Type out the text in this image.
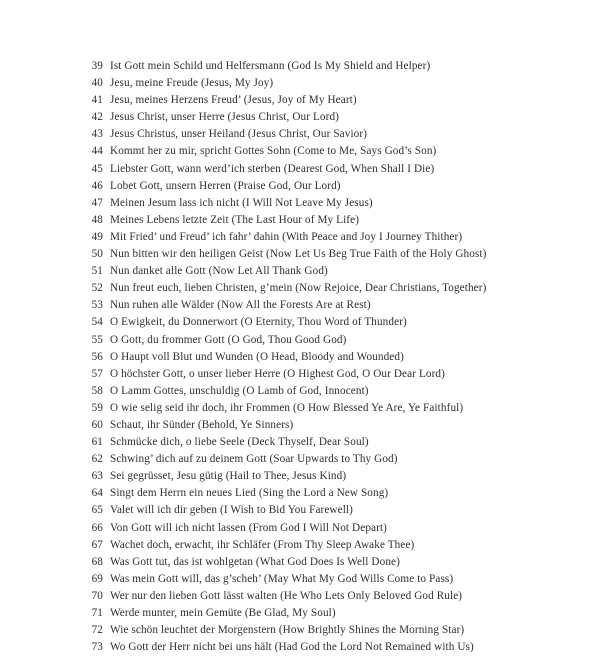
39 Ist Gott mein Schild und Helfersmann (God Is My Shield and Helper)
40 Jesu, meine Freude (Jesus, My Joy)
41 Jesu, meines Herzens Freud’ (Jesus, Joy of My Heart)
42 Jesus Christ, unser Herre (Jesus Christ, Our Lord)
43 Jesus Christus, unser Heiland (Jesus Christ, Our Savior)
44 Kommt her zu mir, spricht Gottes Sohn (Come to Me, Says God’s Son)
45 Liebster Gott, wann werd’ich sterben (Dearest God, When Shall I Die)
46 Lobet Gott, unsern Herren (Praise God, Our Lord)
47 Meinen Jesum lass ich nicht (I Will Not Leave My Jesus)
48 Meines Lebens letzte Zeit (The Last Hour of My Life)
49 Mit Fried’ und Freud’ ich fahr’ dahin (With Peace and Joy I Journey Thither)
50 Nun bitten wir den heiligen Geist (Now Let Us Beg True Faith of the Holy Ghost)
51 Nun danket alle Gott (Now Let All Thank God)
52 Nun freut euch, lieben Christen, g’mein (Now Rejoice, Dear Christians, Together)
53 Nun ruhen alle Wälder (Now All the Forests Are at Rest)
54 O Ewigkeit, du Donnerwort (O Eternity, Thou Word of Thunder)
55 O Gott, du frommer Gott (O God, Thou Good God)
56 O Haupt voll Blut und Wunden (O Head, Bloody and Wounded)
57 O höchster Gott, o unser lieber Herre (O Highest God, O Our Dear Lord)
58 O Lamm Gottes, unschuldig (O Lamb of God, Innocent)
59 O wie selig seid ihr doch, ihr Frommen (O How Blessed Ye Are, Ye Faithful)
60 Schaut, ihr Sünder (Behold, Ye Sinners)
61 Schmücke dich, o liebe Seele (Deck Thyself, Dear Soul)
62 Schwing’ dich auf zu deinem Gott (Soar Upwards to Thy God)
63 Sei gegrüsset, Jesu gütig (Hail to Thee, Jesus Kind)
64 Singt dem Herrn ein neues Lied (Sing the Lord a New Song)
65 Valet will ich dir geben (I Wish to Bid You Farewell)
66 Von Gott will ich nicht lassen (From God I Will Not Depart)
67 Wachet doch, erwacht, ihr Schläfer (From Thy Sleep Awake Thee)
68 Was Gott tut, das ist wohlgetan (What God Does Is Well Done)
69 Was mein Gott will, das g’scheh’ (May What My God Wills Come to Pass)
70 Wer nur den lieben Gott lässt walten (He Who Lets Only Beloved God Rule)
71 Werde munter, mein Gemüte (Be Glad, My Soul)
72 Wie schön leuchtet der Morgenstern (How Brightly Shines the Morning Star)
73 Wo Gott der Herr nicht bei uns hält (Had God the Lord Not Remained with Us)
